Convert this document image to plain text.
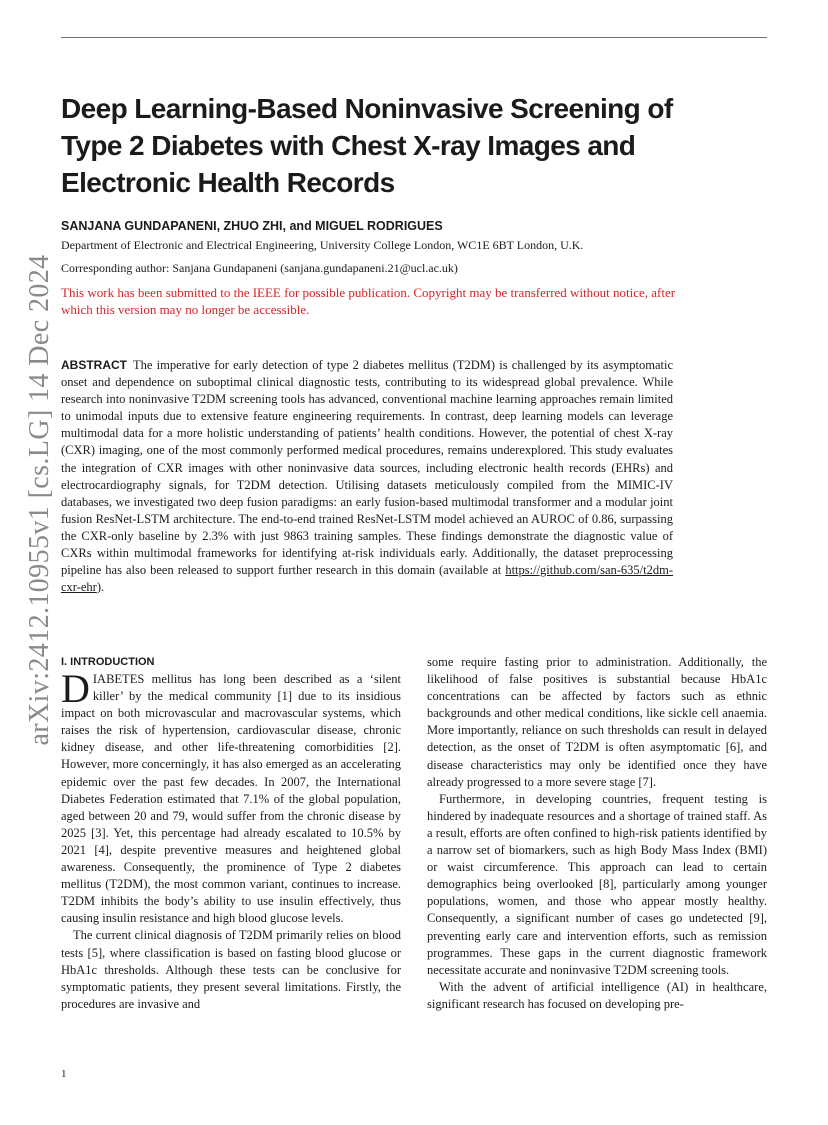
arXiv:2412.10955v1 [cs.LG] 14 Dec 2024
Deep Learning-Based Noninvasive Screening of Type 2 Diabetes with Chest X-ray Images and Electronic Health Records
SANJANA GUNDAPANENI, ZHUO ZHI, and MIGUEL RODRIGUES
Department of Electronic and Electrical Engineering, University College London, WC1E 6BT London, U.K.
Corresponding author: Sanjana Gundapaneni (sanjana.gundapaneni.21@ucl.ac.uk)

This work has been submitted to the IEEE for possible publication. Copyright may be transferred without notice, after which this version may no longer be accessible.

ABSTRACT The imperative for early detection of type 2 diabetes mellitus (T2DM) is challenged by its asymptomatic onset and dependence on suboptimal clinical diagnostic tests, contributing to its widespread global prevalence. While research into noninvasive T2DM screening tools has advanced, conventional machine learning approaches remain limited to unimodal inputs due to extensive feature engineering requirements. In contrast, deep learning models can leverage multimodal data for a more holistic understanding of patients’ health conditions. However, the potential of chest X-ray (CXR) imaging, one of the most commonly performed medical procedures, remains underexplored. This study evaluates the integration of CXR images with other noninvasive data sources, including electronic health records (EHRs) and electrocardiography signals, for T2DM detection. Utilising datasets meticulously compiled from the MIMIC-IV databases, we investigated two deep fusion paradigms: an early fusion-based multimodal transformer and a modular joint fusion ResNet-LSTM architecture. The end-to-end trained ResNet-LSTM model achieved an AUROC of 0.86, surpassing the CXR-only baseline by 2.3% with just 9863 training samples. These findings demonstrate the diagnostic value of CXRs within multimodal frameworks for identifying at-risk individuals early. Additionally, the dataset preprocessing pipeline has also been released to support further research in this domain (available at https://github.com/san-635/t2dm-cxr-ehr).

I. INTRODUCTION

DIABETES mellitus has long been described as a ‘silent killer’ by the medical community [1] due to its insidious impact on both microvascular and macrovascular systems, which raises the risk of hypertension, cardiovascular disease, chronic kidney disease, and other life-threatening comorbidities [2]. However, more concerningly, it has also emerged as an accelerating epidemic over the past few decades. In 2007, the International Diabetes Federation estimated that 7.1% of the global population, aged between 20 and 79, would suffer from the chronic disease by 2025 [3]. Yet, this percentage had already escalated to 10.5% by 2021 [4], despite preventive measures and heightened global awareness. Consequently, the prominence of Type 2 diabetes mellitus (T2DM), the most common variant, continues to increase. T2DM inhibits the body’s ability to use insulin effectively, thus causing insulin resistance and high blood glucose levels.

The current clinical diagnosis of T2DM primarily relies on blood tests [5], where classification is based on fasting blood glucose or HbA1c thresholds. Although these tests can be conclusive for symptomatic patients, they present several limitations. Firstly, the procedures are invasive and

some require fasting prior to administration. Additionally, the likelihood of false positives is substantial because HbA1c concentrations can be affected by factors such as ethnic backgrounds and other medical conditions, like sickle cell anaemia. More importantly, reliance on such thresholds can result in delayed detection, as the onset of T2DM is often asymptomatic [6], and disease characteristics may only be identified once they have already progressed to a more severe stage [7].

Furthermore, in developing countries, frequent testing is hindered by inadequate resources and a shortage of trained staff. As a result, efforts are often confined to high-risk patients identified by a narrow set of biomarkers, such as high Body Mass Index (BMI) or waist circumference. This approach can lead to certain demographics being overlooked [8], particularly among younger populations, women, and those who appear mostly healthy. Consequently, a significant number of cases go undetected [9], preventing early care and intervention efforts, such as remission programmes. These gaps in the current diagnostic framework necessitate accurate and noninvasive T2DM screening tools.

With the advent of artificial intelligence (AI) in healthcare, significant research has focused on developing pre-

1
